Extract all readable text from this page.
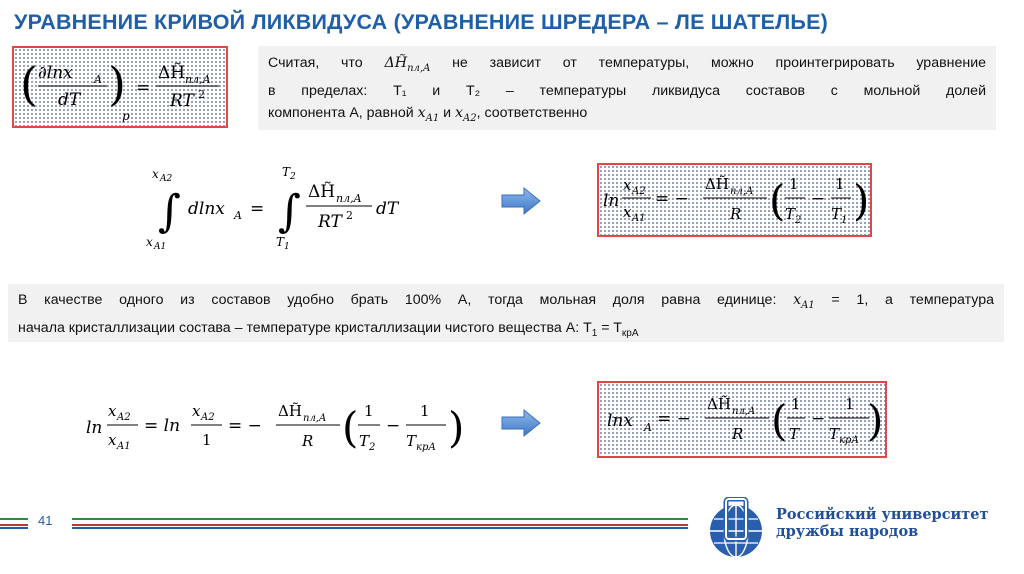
УРАВНЕНИЕ КРИВОЙ ЛИКВИДУСА (УРАВНЕНИЕ ШРЕДЕРА – ЛЕ ШАТЕЛЬЕ)
( ∂lnx A
dT )
p
=
ΔH̃ пл,A
RT 2
Считая, что $\Delta H̃_{пл,A}$ не зависит от температуры, можно проинтегрировать уравнение
в пределах: T₁ и T₂ – температуры ликвидуса составов с мольной долей
компонента A, равной $x_{A1}$ и $x_{A2}$, соответственно
x A2
∫
x A1
dlnx A =
T 2
∫
T 1
ΔH̃ пл,A
RT 2 dT	ln
x A2
x A1
= −
ΔH̃ пл,A
R ( 1
T 2
−
1
T 1 )
В качестве одного из составов удобно брать 100% А, тогда мольная доля равна единице: $x_{A1} = 1$, а температура
начала кристаллизации состава – температуре кристаллизации чистого вещества А: $T_1 = T_{крА}$
ln
x A2
x A1
= ln
x A2
1
= −
ΔH̃ пл,A
R ( 1
T 2
−
1
T крА )	lnx A = −
ΔH̃ пл,A
R ( 1
T
−
1
T крА )
41	Российский университет
дружбы народов
